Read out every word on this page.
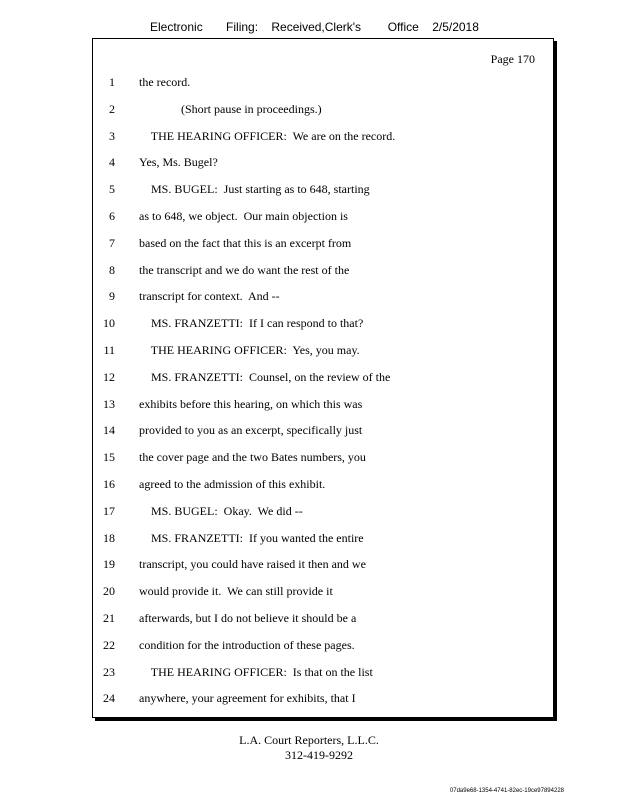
Electronic Filing: Received,Clerk's Office 2/5/2018
Page 170
1 the record.
2 (Short pause in proceedings.)
3 THE HEARING OFFICER:  We are on the record.
4 Yes, Ms. Bugel?
5 MS. BUGEL:  Just starting as to 648, starting
6 as to 648, we object.  Our main objection is
7 based on the fact that this is an excerpt from
8 the transcript and we do want the rest of the
9 transcript for context.  And --
10 MS. FRANZETTI:  If I can respond to that?
11 THE HEARING OFFICER:  Yes, you may.
12 MS. FRANZETTI:  Counsel, on the review of the
13 exhibits before this hearing, on which this was
14 provided to you as an excerpt, specifically just
15 the cover page and the two Bates numbers, you
16 agreed to the admission of this exhibit.
17 MS. BUGEL:  Okay.  We did --
18 MS. FRANZETTI:  If you wanted the entire
19 transcript, you could have raised it then and we
20 would provide it.  We can still provide it
21 afterwards, but I do not believe it should be a
22 condition for the introduction of these pages.
23 THE HEARING OFFICER:  Is that on the list
24 anywhere, your agreement for exhibits, that I
L.A. Court Reporters, L.L.C.
312-419-9292
07da9e68-1354-4741-82ec-19ce97894228
